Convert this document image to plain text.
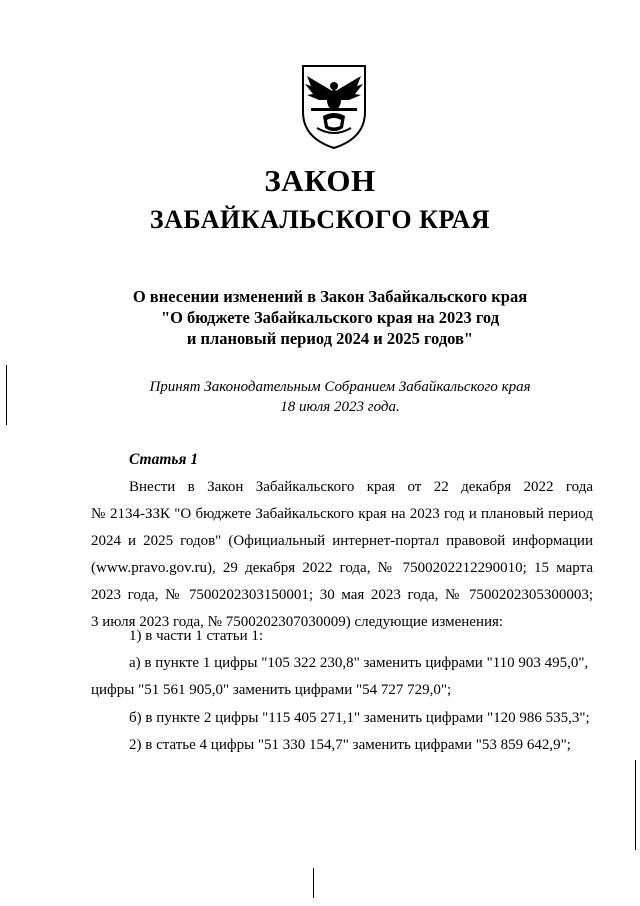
ЗАКОН
ЗАБАЙКАЛЬСКОГО КРАЯ
О внесении изменений в Закон Забайкальского края
"О бюджете Забайкальского края на 2023 год
и плановый период 2024 и 2025 годов"
Принят Законодательным Собранием Забайкальского края
18 июля 2023 года.
Статья 1
Внести в Закон Забайкальского края от 22 декабря 2022 года
№ 2134-ЗЗК "О бюджете Забайкальского края на 2023 год и плановый период
2024 и 2025 годов" (Официальный интернет-портал правовой информации
(www.pravo.gov.ru), 29 декабря 2022 года, № 7500202212290010; 15 марта
2023 года, № 7500202303150001; 30 мая 2023 года, № 7500202305300003;
3 июля 2023 года, № 7500202307030009) следующие изменения:
1) в части 1 статьи 1:
а) в пункте 1 цифры "105 322 230,8" заменить цифрами "110 903 495,0",
цифры "51 561 905,0" заменить цифрами "54 727 729,0";
б) в пункте 2 цифры "115 405 271,1" заменить цифрами "120 986 535,3";
2) в статье 4 цифры "51 330 154,7" заменить цифрами "53 859 642,9";
